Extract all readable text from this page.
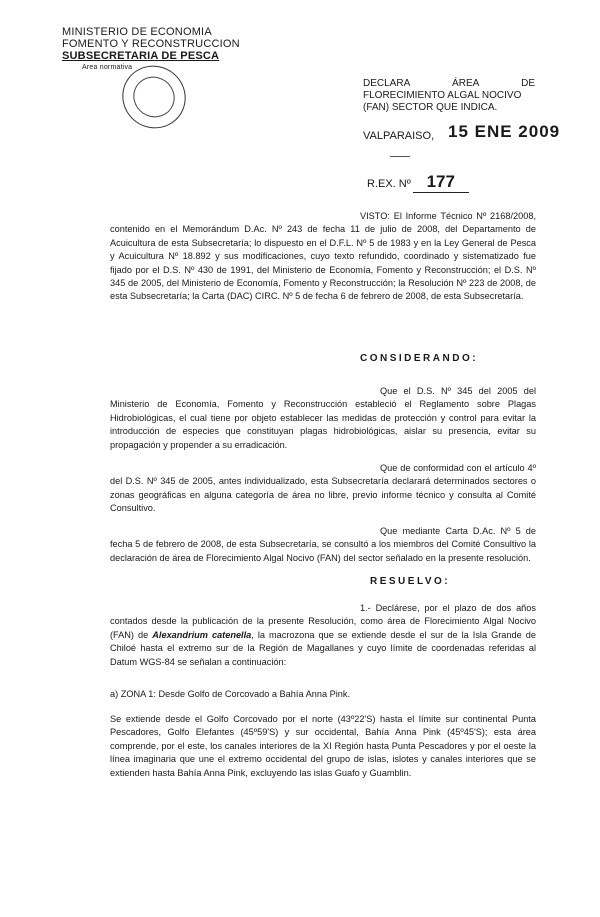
MINISTERIO DE ECONOMIA
FOMENTO Y RECONSTRUCCION
SUBSECRETARIA DE PESCA
Area normativa
DECLARA ÁREA DE
FLORECIMIENTO ALGAL NOCIVO
(FAN) SECTOR QUE INDICA.
VALPARAISO, 15 ENE 2009
R.EX. Nº 177

VISTO: El Informe Técnico Nº 2168/2008, contenido en el Memorándum D.Ac. Nº 243 de fecha 11 de julio de 2008, del Departamento de Acuicultura de esta Subsecretaría; lo dispuesto en el D.F.L. Nº 5 de 1983 y en la Ley General de Pesca y Acuicultura Nº 18.892 y sus modificaciones, cuyo texto refundido, coordinado y sistematizado fue fijado por el D.S. Nº 430 de 1991, del Ministerio de Economía, Fomento y Reconstrucción; el D.S. Nº 345 de 2005, del Ministerio de Economía, Fomento y Reconstrucción; la Resolución Nº 223 de 2008, de esta Subsecretaría; la Carta (DAC) CIRC. Nº 5 de fecha 6 de febrero de 2008, de esta Subsecretaría.

CONSIDERANDO:

Que el D.S. Nº 345 del 2005 del Ministerio de Economía, Fomento y Reconstrucción estableció el Reglamento sobre Plagas Hidrobiológicas, el cual tiene por objeto establecer las medidas de protección y control para evitar la introducción de especies que constituyan plagas hidrobiológicas, aislar su presencia, evitar su propagación y propender a su erradicación.

Que de conformidad con el artículo 4º del D.S. Nº 345 de 2005, antes individualizado, esta Subsecretaría declarará determinados sectores o zonas geográficas en alguna categoría de área no libre, previo informe técnico y consulta al Comité Consultivo.

Que mediante Carta D.Ac. Nº 5 de fecha 5 de febrero de 2008, de esta Subsecretaría, se consultó a los miembros del Comité Consultivo la declaración de área de Florecimiento Algal Nocivo (FAN) del sector señalado en la presente resolución.

RESUELVO:

1.- Declárese, por el plazo de dos años contados desde la publicación de la presente Resolución, como área de Florecimiento Algal Nocivo (FAN) de Alexandrium catenella, la macrozona que se extiende desde el sur de la Isla Grande de Chiloé hasta el extremo sur de la Región de Magallanes y cuyo límite de coordenadas referidas al Datum WGS-84 se señalan a continuación:

a) ZONA 1: Desde Golfo de Corcovado a Bahía Anna Pink.

Se extiende desde el Golfo Corcovado por el norte (43º22'S) hasta el límite sur continental Punta Pescadores, Golfo Elefantes (45º59'S) y sur occidental, Bahía Anna Pink (45º45'S); esta área comprende, por el este, los canales interiores de la XI Región hasta Punta Pescadores y por el oeste la línea imaginaria que une el extremo occidental del grupo de islas, islotes y canales interiores que se extienden hasta Bahía Anna Pink, excluyendo las islas Guafo y Guamblin.
